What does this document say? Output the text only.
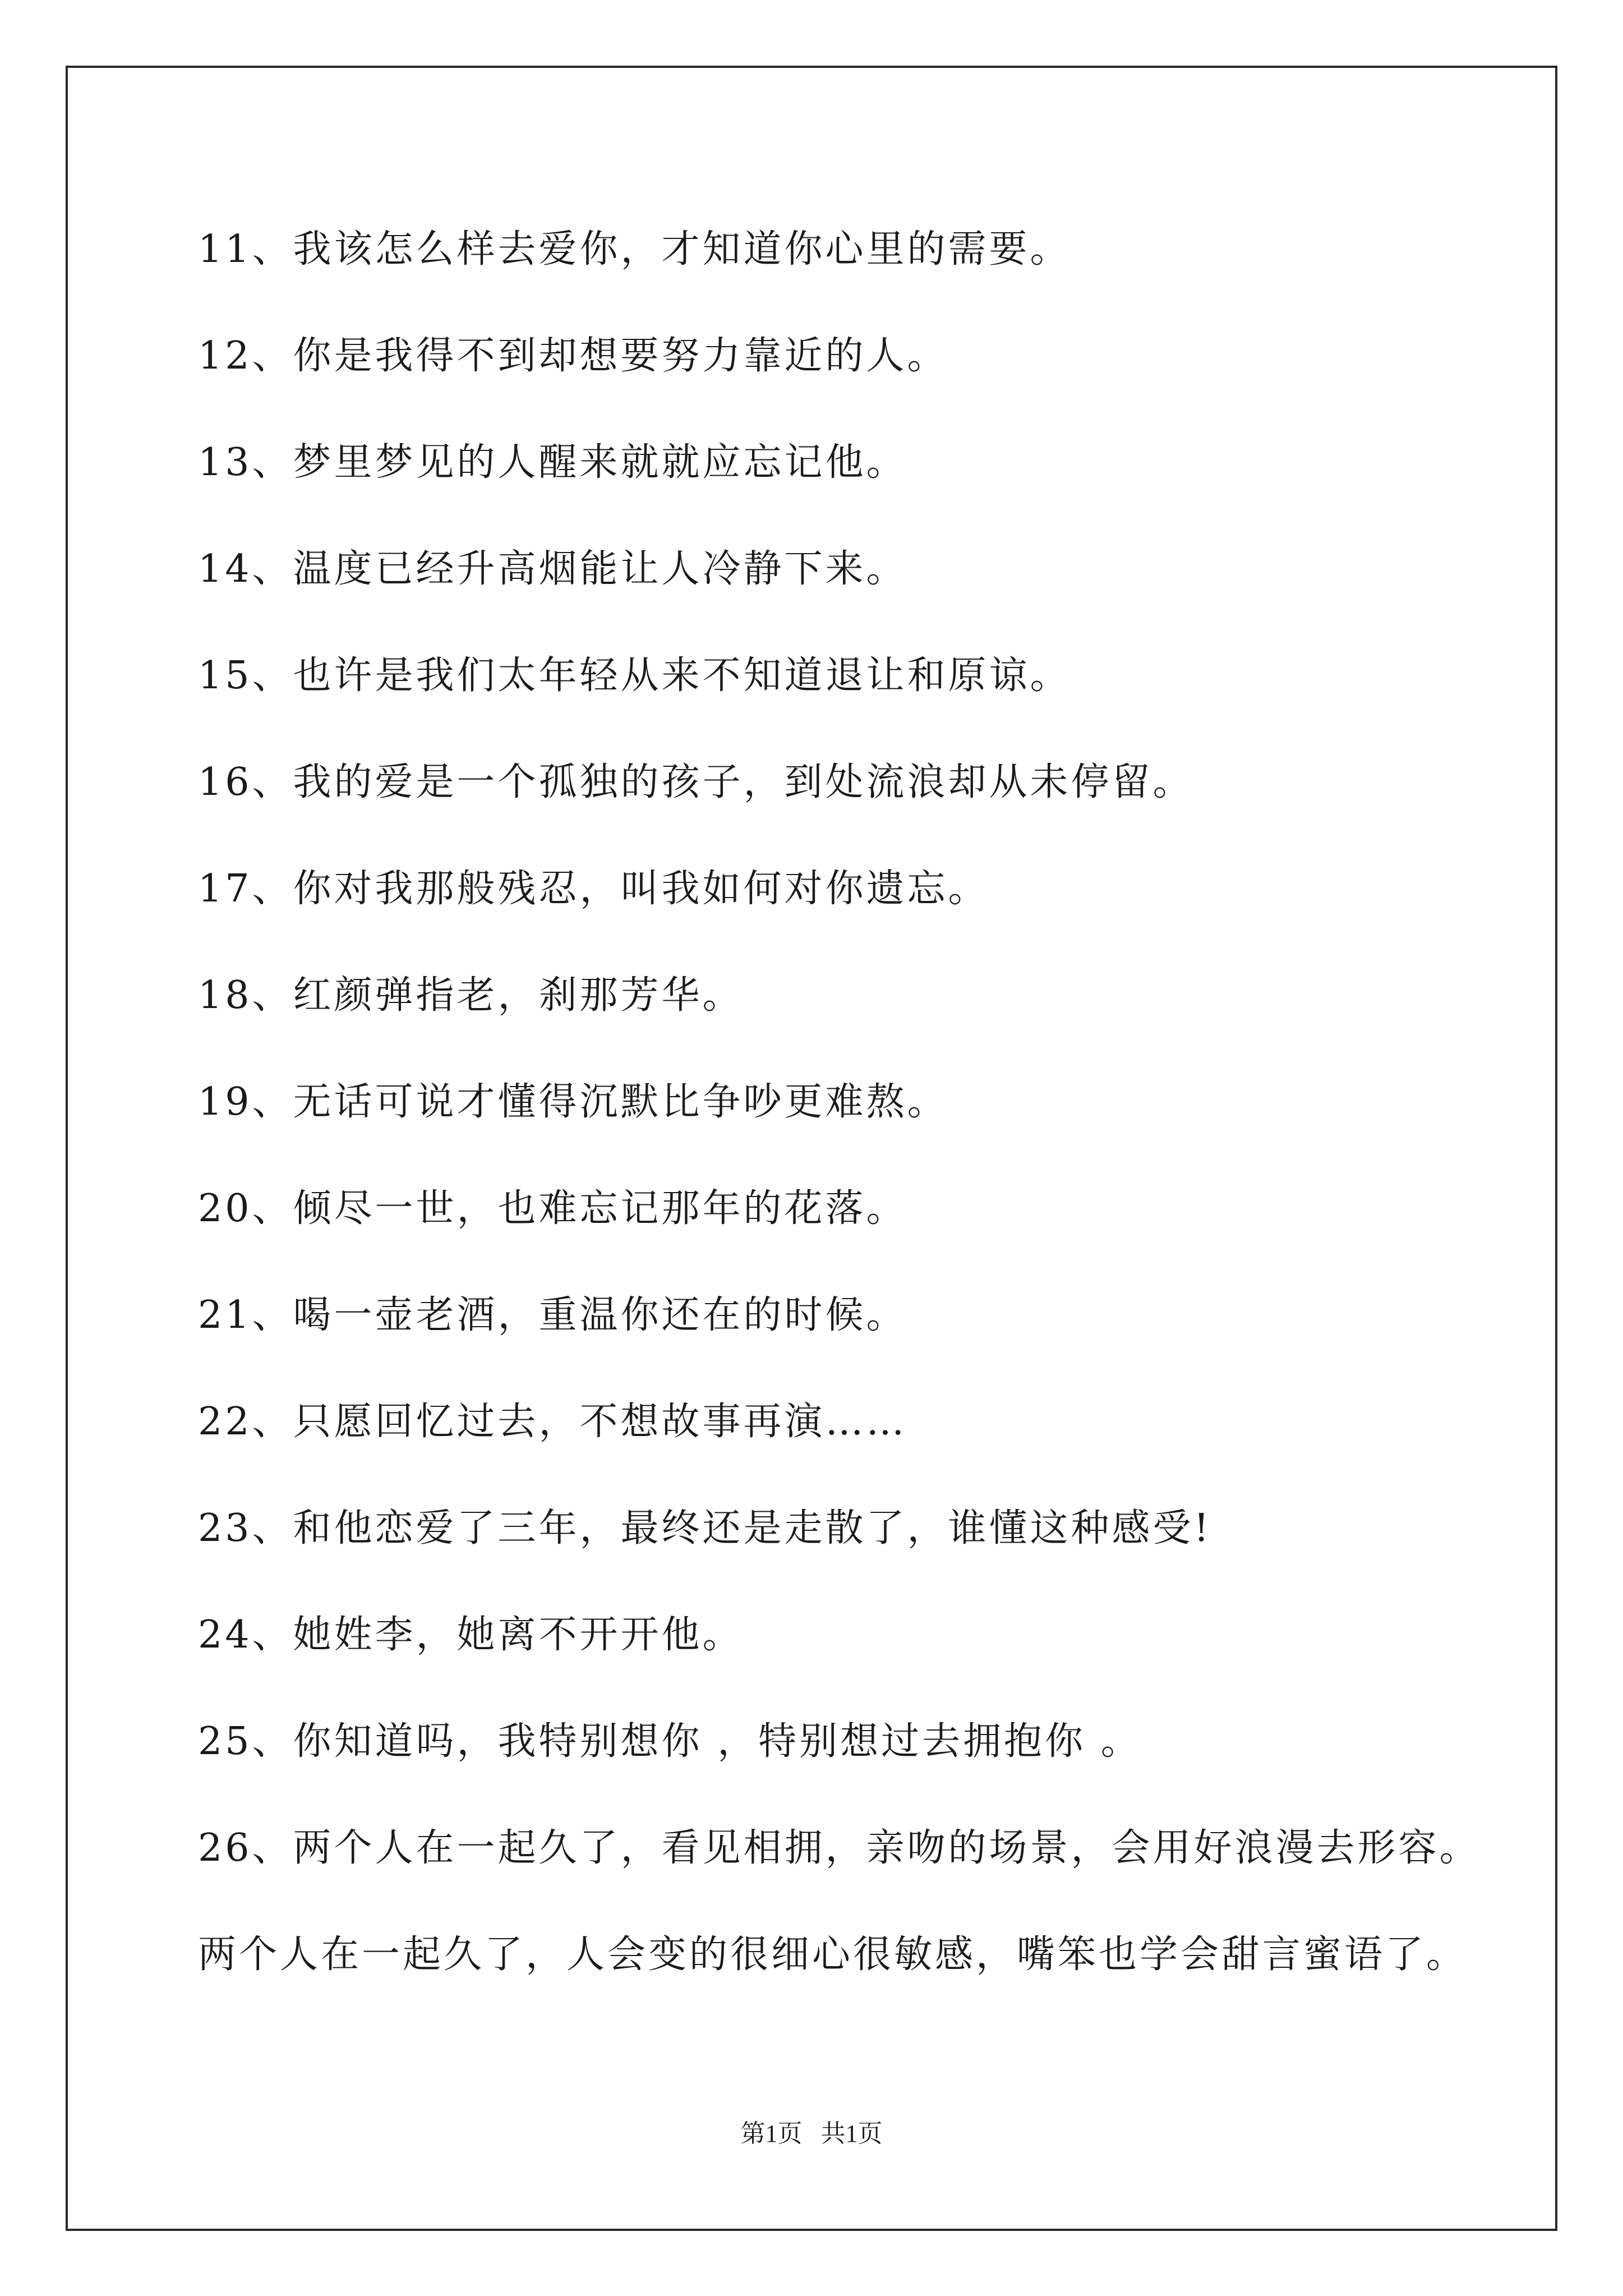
11、我该怎么样去爱你，才知道你心里的需要。
12、你是我得不到却想要努力靠近的人。
13、梦里梦见的人醒来就就应忘记他。
14、温度已经升高烟能让人冷静下来。
15、也许是我们太年轻从来不知道退让和原谅。
16、我的爱是一个孤独的孩子，到处流浪却从未停留。
17、你对我那般残忍，叫我如何对你遗忘。
18、红颜弹指老，刹那芳华。
19、无话可说才懂得沉默比争吵更难熬。
20、倾尽一世，也难忘记那年的花落。
21、喝一壶老酒，重温你还在的时候。
22、只愿回忆过去，不想故事再演……
23、和他恋爱了三年，最终还是走散了，谁懂这种感受!
24、她姓李，她离不开开他。
25、你知道吗，我特别想你 ，特别想过去拥抱你 。
26、两个人在一起久了，看见相拥，亲吻的场景，会用好浪漫去形容。
两个人在一起久了，人会变的很细心很敏感，嘴笨也学会甜言蜜语了。
第1页 共1页
